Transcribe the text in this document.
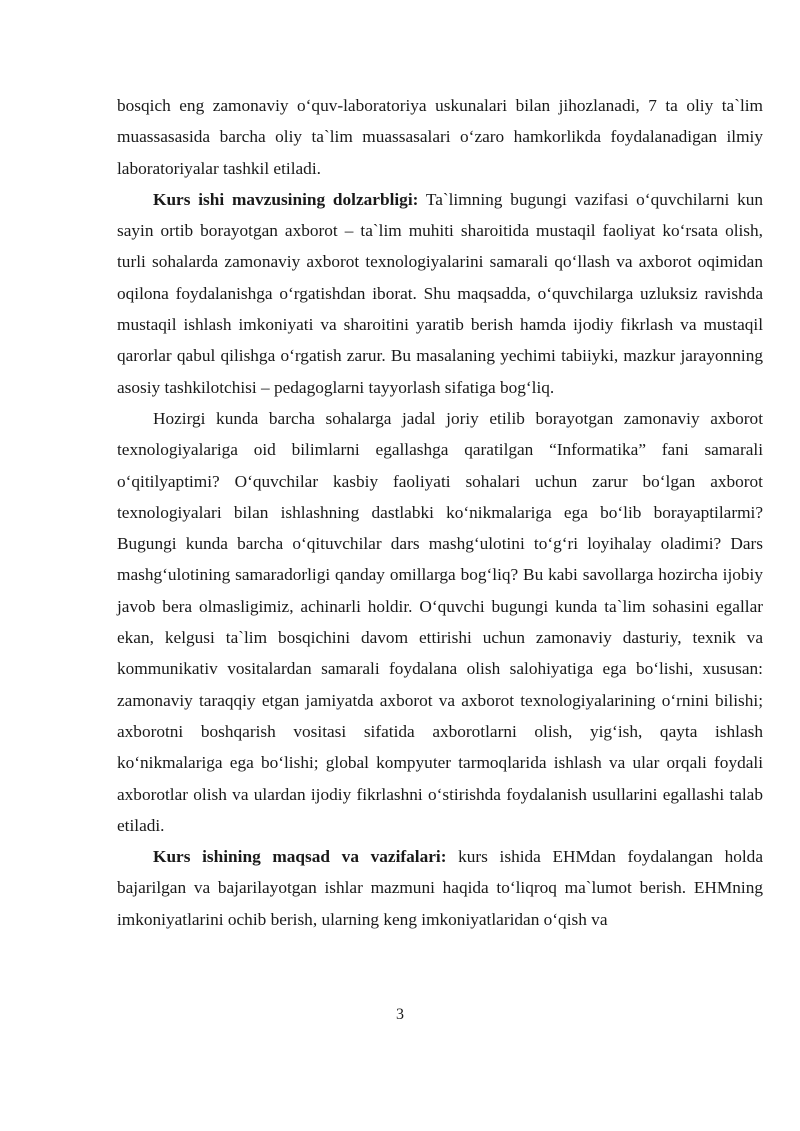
bosqich eng zamonaviy o‘quv-laboratoriya uskunalari bilan jihozlanadi, 7 ta oliy ta`lim muassasasida barcha oliy ta`lim muassasalari o‘zaro hamkorlikda foydalanadigan ilmiy laboratoriyalar tashkil etiladi.

Kurs ishi mavzusining dolzarbligi: Ta`limning bugungi vazifasi o‘quvchilarni kun sayin ortib borayotgan axborot – ta`lim muhiti sharoitida mustaqil faoliyat ko‘rsata olish, turli sohalarda zamonaviy axborot texnologiyalarini samarali qo‘llash va axborot oqimidan oqilona foydalanishga o‘rgatishdan iborat. Shu maqsadda, o‘quvchilarga uzluksiz ravishda mustaqil ishlash imkoniyati va sharoitini yaratib berish hamda ijodiy fikrlash va mustaqil qarorlar qabul qilishga o‘rgatish zarur. Bu masalaning yechimi tabiiyki, mazkur jarayonning asosiy tashkilotchisi – pedagoglarni tayyorlash sifatiga bog‘liq.

Hozirgi kunda barcha sohalarga jadal joriy etilib borayotgan zamonaviy axborot texnologiyalariga oid bilimlarni egallashga qaratilgan “Informatika” fani samarali o‘qitilyaptimi? O‘quvchilar kasbiy faoliyati sohalari uchun zarur bo‘lgan axborot texnologiyalari bilan ishlashning dastlabki ko‘nikmalariga ega bo‘lib borayaptilarmi? Bugungi kunda barcha o‘qituvchilar dars mashg‘ulotini to‘g‘ri loyihalay oladimi? Dars mashg‘ulotining samaradorligi qanday omillarga bog‘liq? Bu kabi savollarga hozircha ijobiy javob bera olmasligimiz, achinarli holdir. O‘quvchi bugungi kunda ta`lim sohasini egallar ekan, kelgusi ta`lim bosqichini davom ettirishi uchun zamonaviy dasturiy, texnik va kommunikativ vositalardan samarali foydalana olish salohiyatiga ega bo‘lishi, xususan: zamonaviy taraqqiy etgan jamiyatda axborot va axborot texnologiyalarining o‘rnini bilishi; axborotni boshqarish vositasi sifatida axborotlarni olish, yig‘ish, qayta ishlash ko‘nikmalariga ega bo‘lishi; global kompyuter tarmoqlarida ishlash va ular orqali foydali axborotlar olish va ulardan ijodiy fikrlashni o‘stirishda foydalanish usullarini egallashi talab etiladi.

Kurs ishining maqsad va vazifalari: kurs ishida EHMdan foydalangan holda bajarilgan va bajarilayotgan ishlar mazmuni haqida to‘liqroq ma`lumot berish. EHMning imkoniyatlarini ochib berish, ularning keng imkoniyatlaridan o‘qish va

3
